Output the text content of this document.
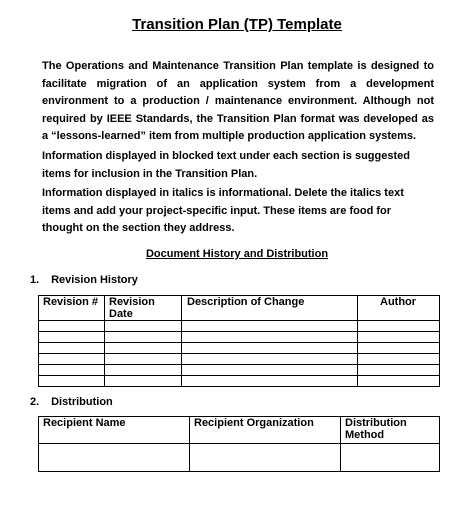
Transition Plan (TP) Template

The Operations and Maintenance Transition Plan template is designed to facilitate migration of an application system from a development environment to a production / maintenance environment. Although not required by IEEE Standards, the Transition Plan format was developed as a “lessons-learned” item from multiple production application systems.

Information displayed in blocked text under each section is suggested items for inclusion in the Transition Plan.

Information displayed in italics is informational. Delete the italics text items and add your project-specific input. These items are food for thought on the section they address.

Document History and Distribution
1. Revision History
Revision #	Revision Date	Description of Change	Author

2. Distribution
Recipient Name	Recipient Organization	Distribution Method
